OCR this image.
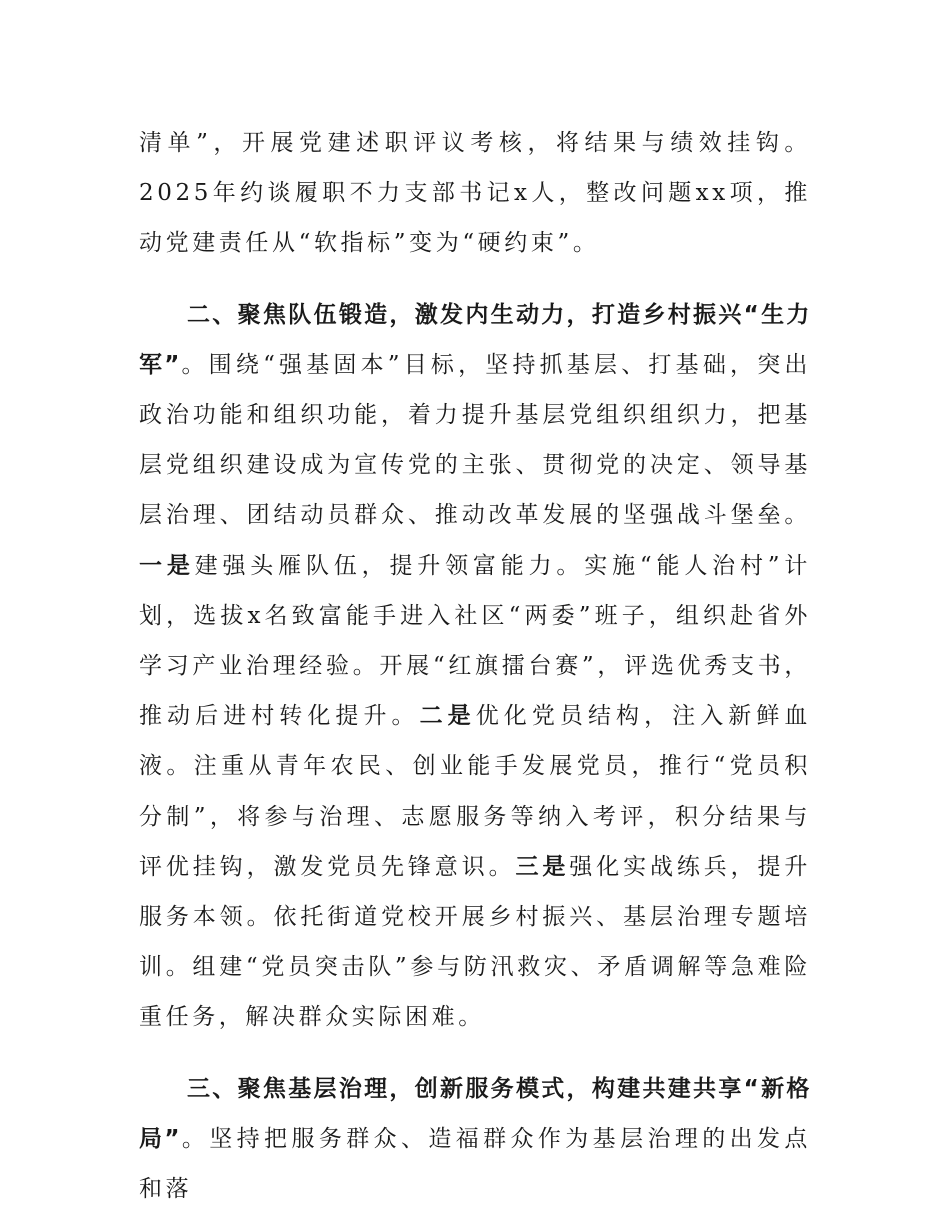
清单”，开展党建述职评议考核，将结果与绩效挂钩。2025年约谈履职不力支部书记x人，整改问题xx项，推动党建责任从“软指标”变为“硬约束”。

二、聚焦队伍锻造，激发内生动力，打造乡村振兴“生力军”。围绕“强基固本”目标，坚持抓基层、打基础，突出政治功能和组织功能，着力提升基层党组织组织力，把基层党组织建设成为宣传党的主张、贯彻党的决定、领导基层治理、团结动员群众、推动改革发展的坚强战斗堡垒。一是建强头雁队伍，提升领富能力。实施“能人治村”计划，选拔x名致富能手进入社区“两委”班子，组织赴省外学习产业治理经验。开展“红旗擂台赛”，评选优秀支书，推动后进村转化提升。二是优化党员结构，注入新鲜血液。注重从青年农民、创业能手发展党员，推行“党员积分制”，将参与治理、志愿服务等纳入考评，积分结果与评优挂钩，激发党员先锋意识。三是强化实战练兵，提升服务本领。依托街道党校开展乡村振兴、基层治理专题培训。组建“党员突击队”参与防汛救灾、矛盾调解等急难险重任务，解决群众实际困难。

三、聚焦基层治理，创新服务模式，构建共建共享“新格局”。坚持把服务群众、造福群众作为基层治理的出发点和落
